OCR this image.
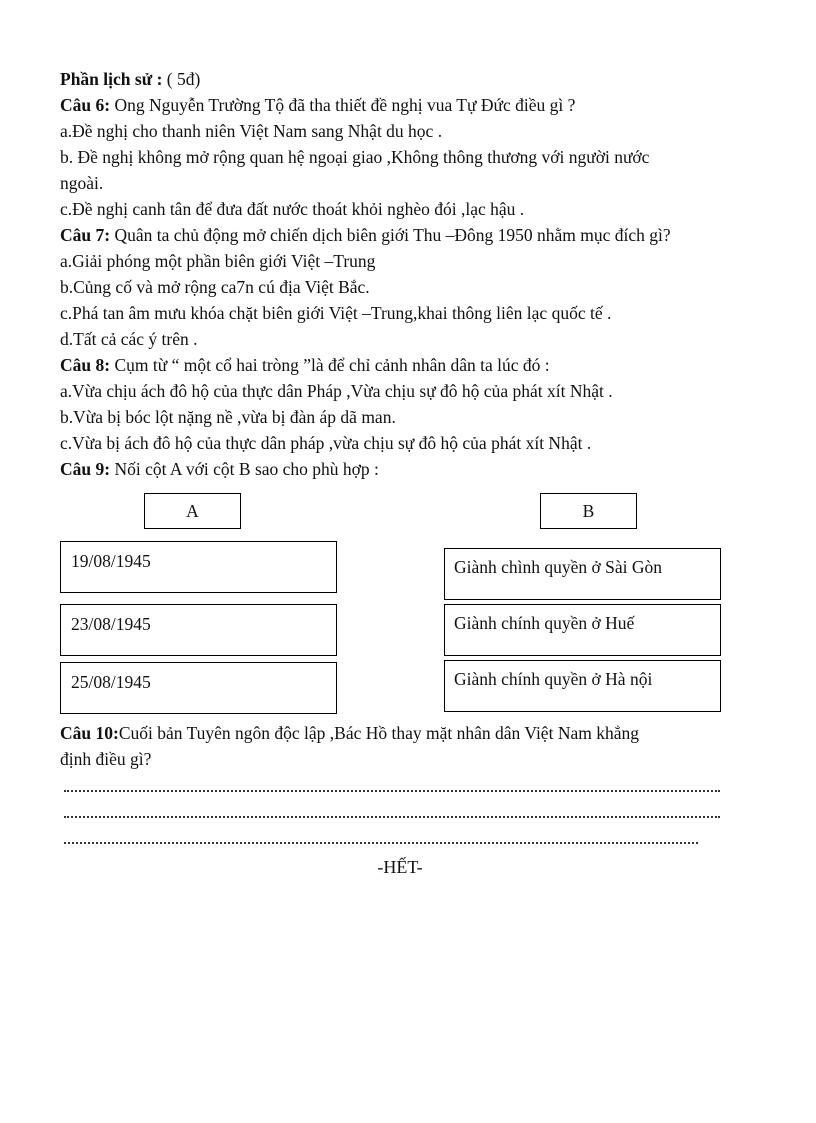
Phần lịch sử : ( 5đ)
Câu 6: Ong Nguyễn Trường Tộ đã tha thiết đề nghị vua Tự Đức điều gì ?
a.Đề nghị cho thanh niên Việt Nam sang Nhật du học .
b. Đề nghị không mở rộng quan hệ ngoại giao ,Không thông thương với người nước
ngoài.
c.Đề nghị canh tân để đưa đất nước thoát khỏi nghèo đói ,lạc hậu .
Câu 7: Quân ta chủ động mở chiến dịch biên giới Thu –Đông 1950 nhằm mục đích gì?
a.Giải phóng một phần biên giới Việt –Trung
b.Củng cố và mở rộng ca7n cú địa Việt Bắc.
c.Phá tan âm mưu khóa chặt biên giới Việt –Trung,khai thông liên lạc quốc tế .
d.Tất cả các ý trên .
Câu 8: Cụm từ “ một cổ hai tròng ”là để chỉ cảnh nhân dân ta lúc đó :
a.Vừa chịu ách đô hộ của thực dân Pháp ,Vừa chịu sự đô hộ của phát xít Nhật .
b.Vừa bị bóc lột nặng nề ,vừa bị đàn áp dã man.
c.Vừa bị ách đô hộ của thực dân pháp ,vừa chịu sự đô hộ của phát xít Nhật .
Câu 9: Nối cột A với cột B sao cho phù hợp :
A	B
19/08/1945
23/08/1945
25/08/1945
Giành chình quyền ở Sài Gòn
Giành chính quyền ở Huế
Giành chính quyền ở Hà nội
Câu 10:Cuối bản Tuyên ngôn độc lập ,Bác Hồ thay mặt nhân dân Việt Nam khẳng
định điều gì?
-HẾT-
